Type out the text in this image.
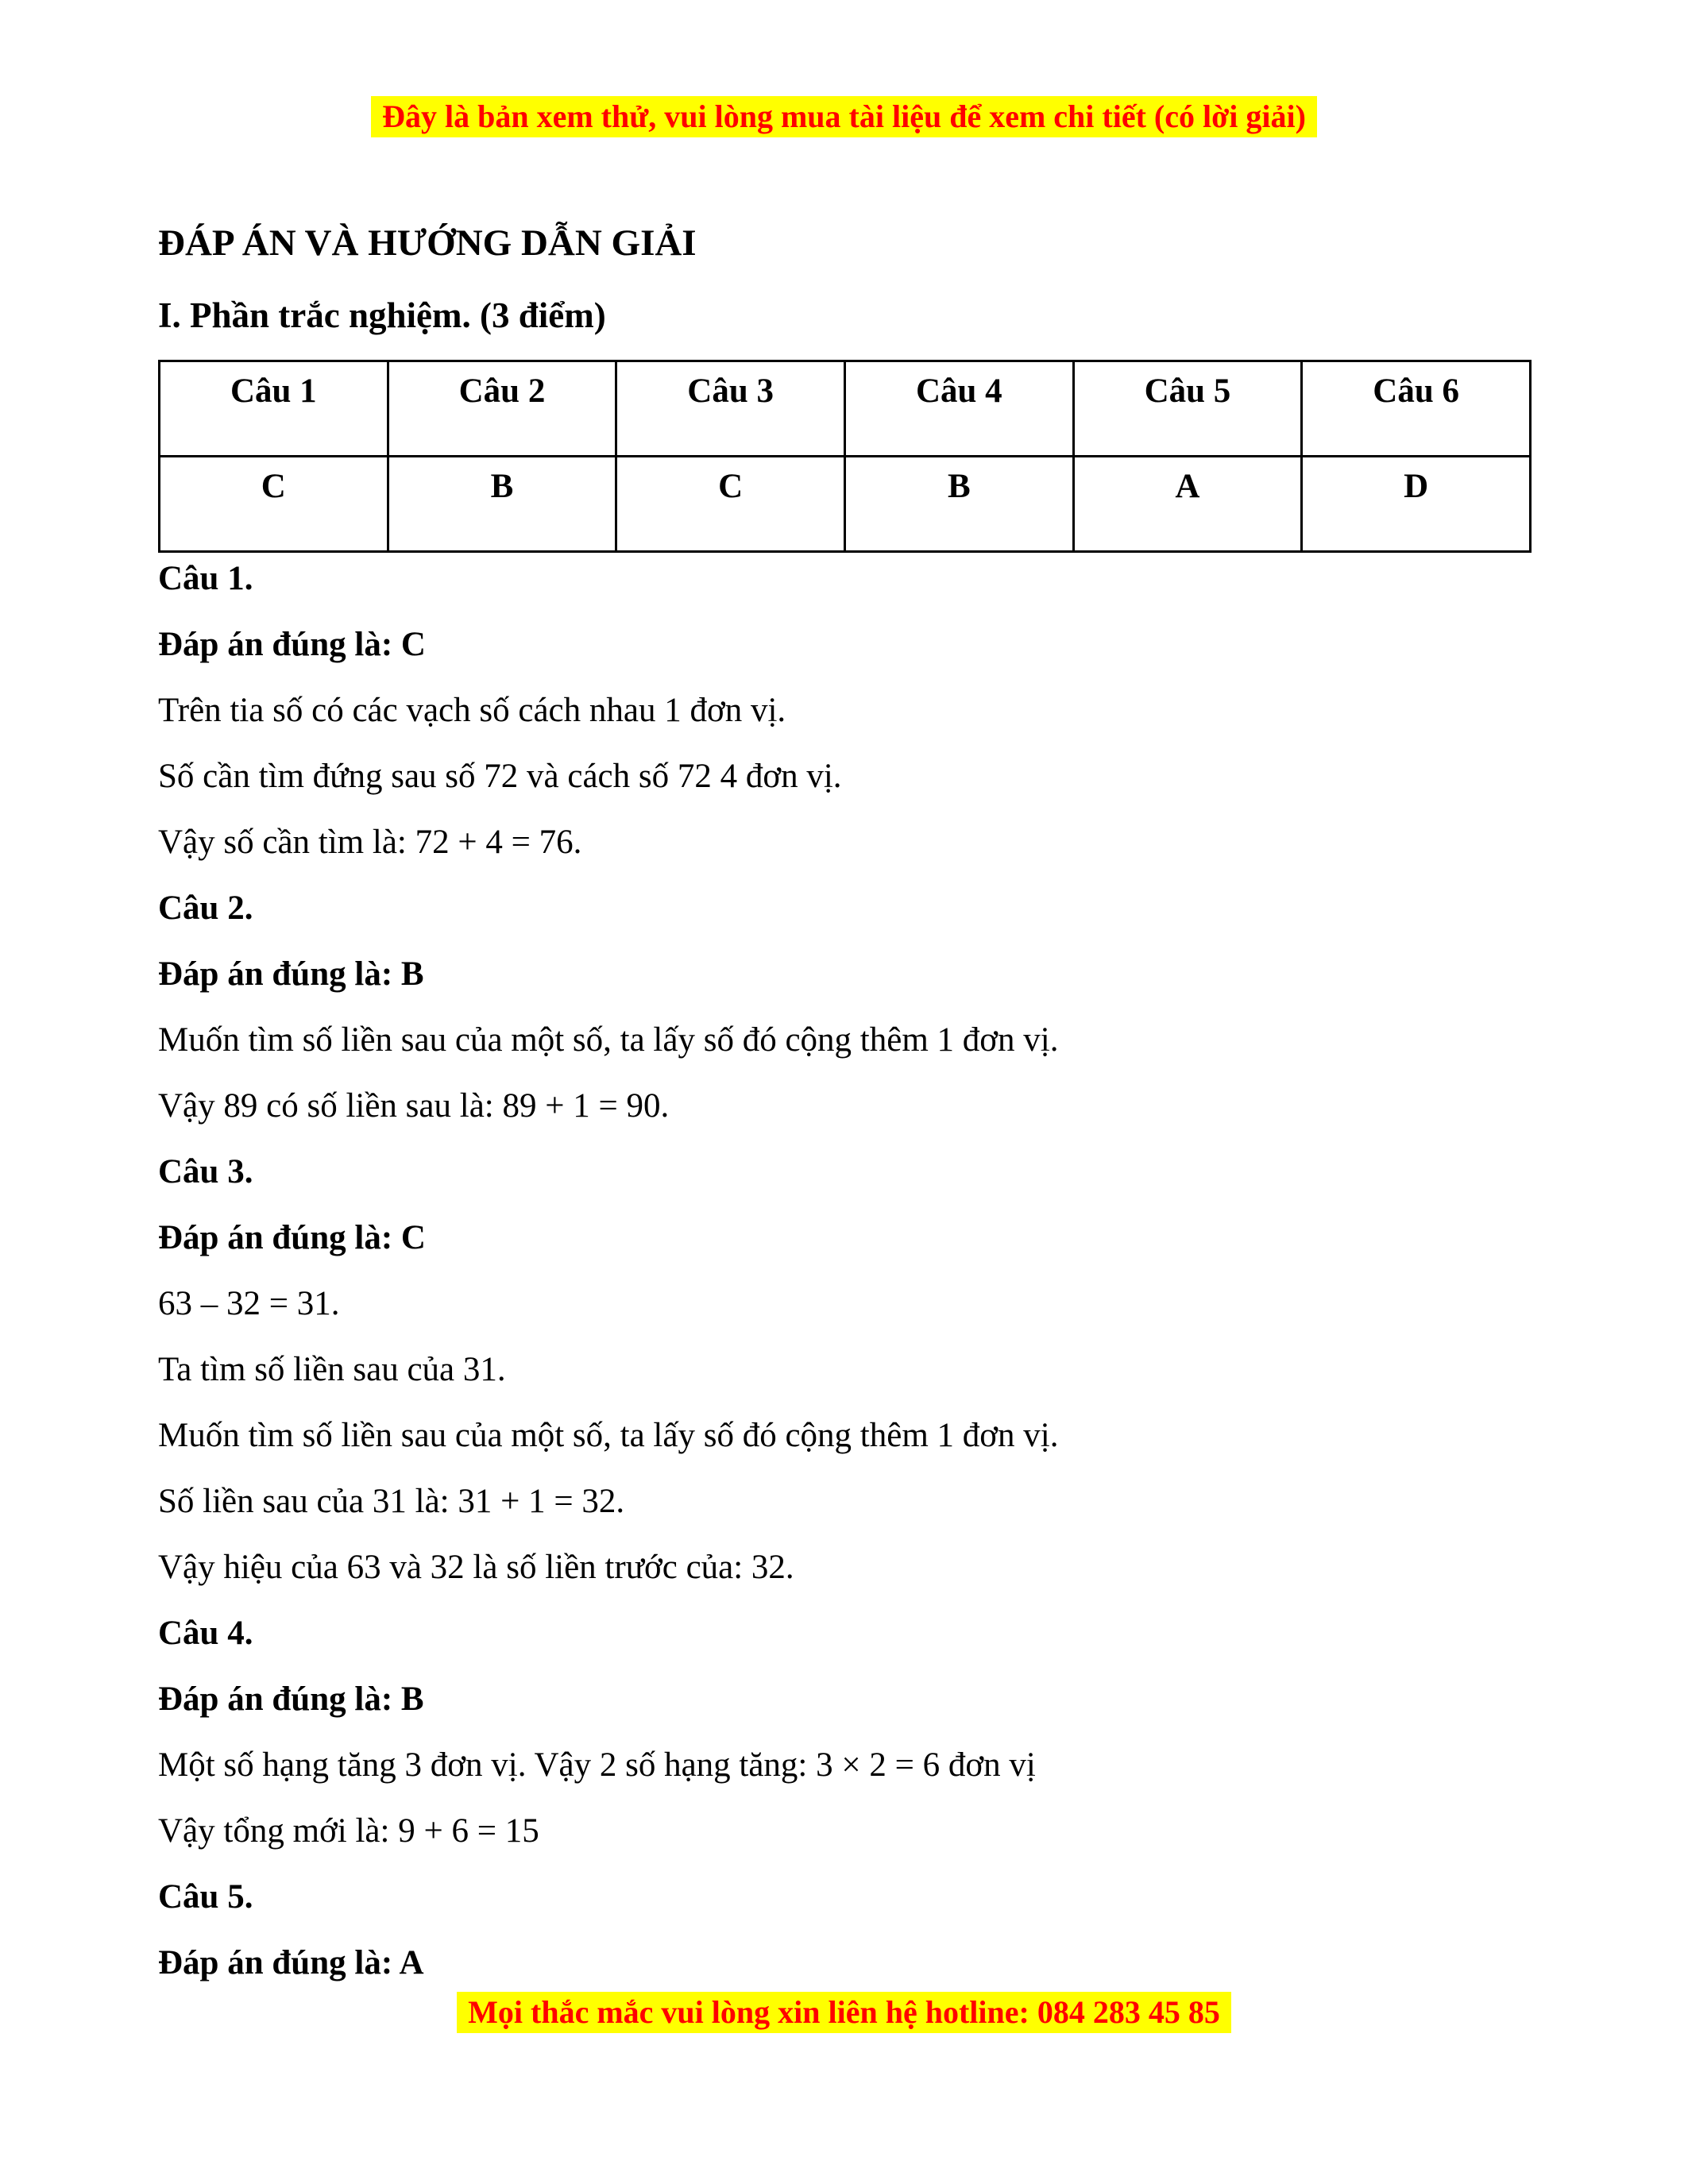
Đây là bản xem thử, vui lòng mua tài liệu để xem chi tiết (có lời giải)
ĐÁP ÁN VÀ HƯỚNG DẪN GIẢI
I. Phần trắc nghiệm. (3 điểm)
Câu 1	Câu 2	Câu 3	Câu 4	Câu 5	Câu 6
C	B	C	B	A	D

Câu 1.

Đáp án đúng là: C

Trên tia số có các vạch số cách nhau 1 đơn vị.

Số cần tìm đứng sau số 72 và cách số 72 4 đơn vị.

Vậy số cần tìm là: 72 + 4 = 76.

Câu 2.

Đáp án đúng là: B

Muốn tìm số liền sau của một số, ta lấy số đó cộng thêm 1 đơn vị.

Vậy 89 có số liền sau là: 89 + 1 = 90.

Câu 3.

Đáp án đúng là: C

63 – 32 = 31.

Ta tìm số liền sau của 31.

Muốn tìm số liền sau của một số, ta lấy số đó cộng thêm 1 đơn vị.

Số liền sau của 31 là: 31 + 1 = 32.

Vậy hiệu của 63 và 32 là số liền trước của: 32.

Câu 4.

Đáp án đúng là: B

Một số hạng tăng 3 đơn vị. Vậy 2 số hạng tăng: 3 × 2 = 6 đơn vị

Vậy tổng mới là: 9 + 6 = 15

Câu 5.

Đáp án đúng là: A

Mọi thắc mắc vui lòng xin liên hệ hotline: 084 283 45 85
